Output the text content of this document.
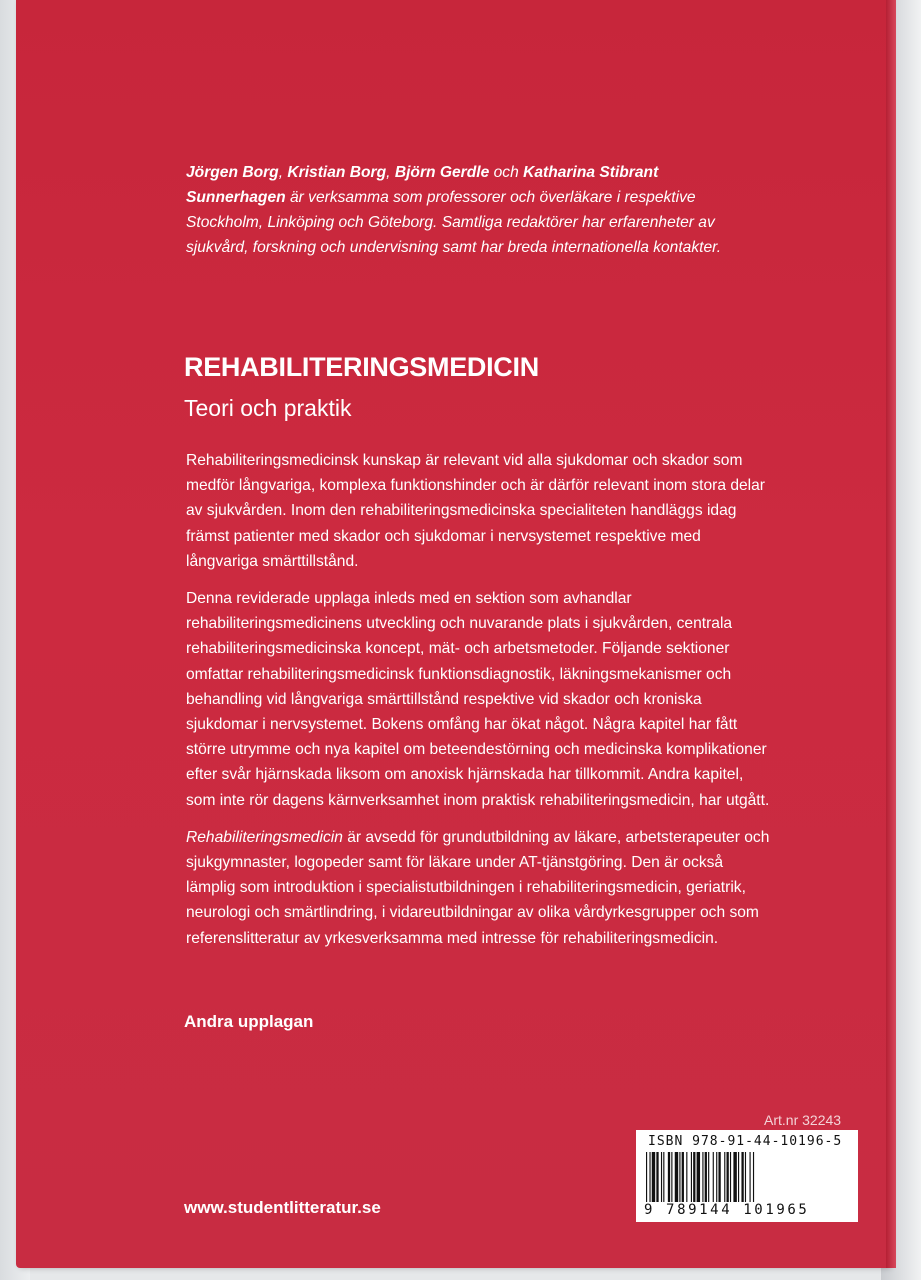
Jörgen Borg, Kristian Borg, Björn Gerdle och Katharina Stibrant Sunnerhagen är verksamma som professorer och överläkare i respektive Stockholm, Linköping och Göteborg. Samtliga redaktörer har erfarenheter av sjukvård, forskning och undervisning samt har breda internationella kontakter.
REHABILITERINGSMEDICIN
Teori och praktik

Rehabiliteringsmedicinsk kunskap är relevant vid alla sjukdomar och skador som medför långvariga, komplexa funktionshinder och är därför relevant inom stora delar av sjukvården. Inom den rehabiliteringsmedicinska specialiteten handläggs idag främst patienter med skador och sjukdomar i nervsystemet respektive med långvariga smärttillstånd.

Denna reviderade upplaga inleds med en sektion som avhandlar rehabiliteringsmedicinens utveckling och nuvarande plats i sjukvården, centrala rehabiliteringsmedicinska koncept, mät- och arbetsmetoder. Följande sektioner omfattar rehabiliteringsmedicinsk funktionsdiagnostik, läkningsmekanismer och behandling vid långvariga smärttillstånd respektive vid skador och kroniska sjukdomar i nervsystemet. Bokens omfång har ökat något. Några kapitel har fått större utrymme och nya kapitel om beteendestörning och medicinska komplikationer efter svår hjärnskada liksom om anoxisk hjärnskada har tillkommit. Andra kapitel, som inte rör dagens kärnverksamhet inom praktisk rehabiliteringsmedicin, har utgått.

Rehabiliteringsmedicin är avsedd för grundutbildning av läkare, arbetsterapeuter och sjukgymnaster, logopeder samt för läkare under AT-tjänstgöring. Den är också lämplig som introduktion i specialistutbildningen i rehabiliteringsmedicin, geriatrik, neurologi och smärtlindring, i vidareutbildningar av olika vårdyrkesgrupper och som referenslitteratur av yrkesverksamma med intresse för rehabiliteringsmedicin.

Andra upplagan
www.studentlitteratur.se
Art.nr 32243
ISBN 978-91-44-10196-5
9 789144 101965
